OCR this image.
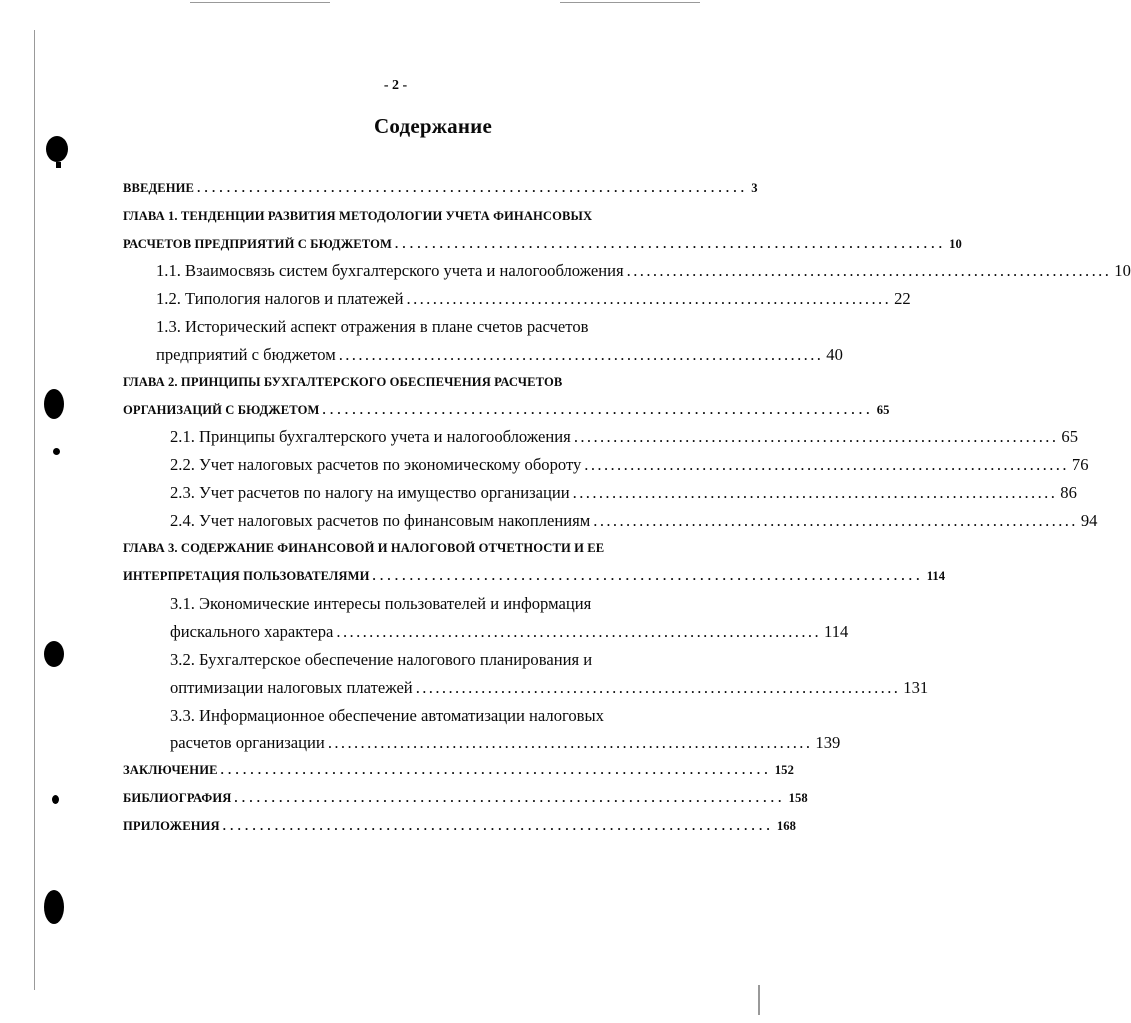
- 2 -
Содержание
ВВЕДЕНИЕ .......................................................................... 3
ГЛАВА 1. ТЕНДЕНЦИИ РАЗВИТИЯ МЕТОДОЛОГИИ УЧЕТА ФИНАНСОВЫХ
РАСЧЕТОВ ПРЕДПРИЯТИЙ С БЮДЖЕТОМ .......................................................................... 10
1.1. Взаимосвязь систем бухгалтерского учета и налогообложения .......................................................................... 10
1.2. Типология налогов и платежей .......................................................................... 22
1.3. Исторический аспект отражения в плане счетов расчетов
предприятий с бюджетом .......................................................................... 40
ГЛАВА 2. ПРИНЦИПЫ БУХГАЛТЕРСКОГО ОБЕСПЕЧЕНИЯ РАСЧЕТОВ
ОРГАНИЗАЦИЙ С БЮДЖЕТОМ .......................................................................... 65
2.1. Принципы бухгалтерского учета и налогообложения .......................................................................... 65
2.2. Учет налоговых расчетов по экономическому обороту .......................................................................... 76
2.3. Учет расчетов по налогу на имущество организации .......................................................................... 86
2.4. Учет налоговых расчетов по финансовым накоплениям .......................................................................... 94
ГЛАВА 3. СОДЕРЖАНИЕ ФИНАНСОВОЙ И НАЛОГОВОЙ ОТЧЕТНОСТИ И ЕЕ
ИНТЕРПРЕТАЦИЯ ПОЛЬЗОВАТЕЛЯМИ .......................................................................... 114
3.1. Экономические интересы пользователей и информация
фискального характера .......................................................................... 114
3.2. Бухгалтерское обеспечение налогового планирования и
оптимизации налоговых платежей .......................................................................... 131
3.3. Информационное обеспечение автоматизации налоговых
расчетов организации .......................................................................... 139
ЗАКЛЮЧЕНИЕ .......................................................................... 152
БИБЛИОГРАФИЯ .......................................................................... 158
ПРИЛОЖЕНИЯ .......................................................................... 168
